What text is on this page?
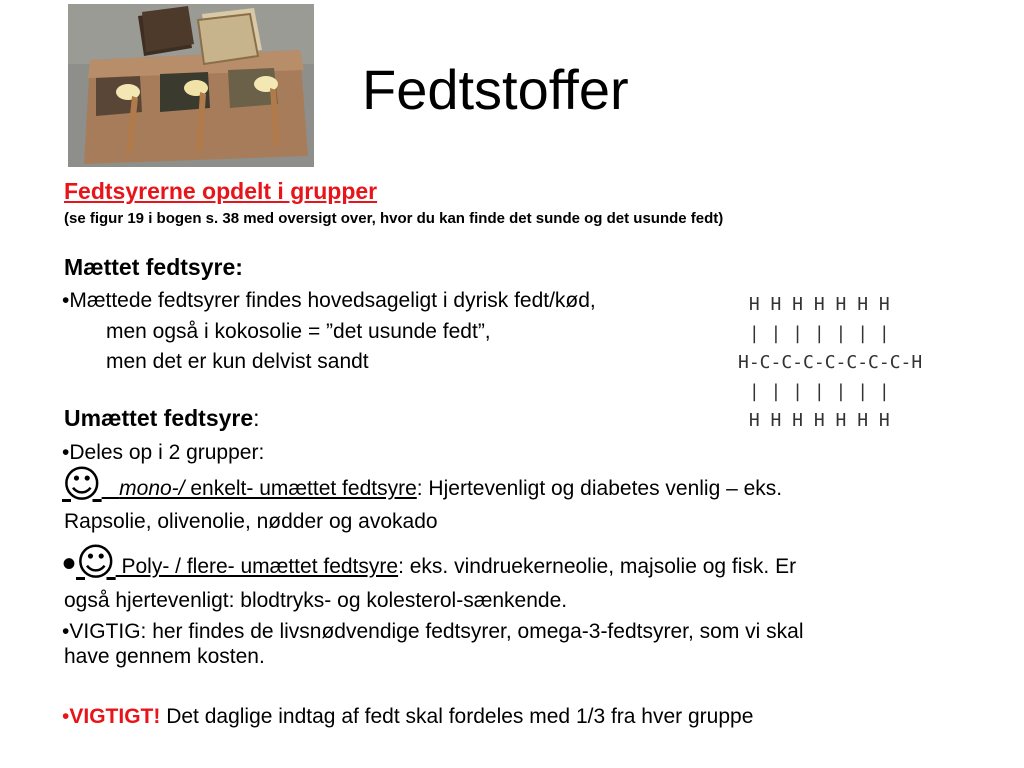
Fedtstoffer
Fedtsyrerne opdelt i grupper
(se figur 19 i bogen s. 38 med oversigt over, hvor du kan finde det sunde og det usunde fedt)
Mættet fedtsyre:
•Mættede fedtsyrer findes hovedsageligt i dyrisk fedt/kød,
men også i kokosolie = ”det usunde fedt”,
men det er kun delvist sandt
H H H H H H H
| | | | | | |
H-C-C-C-C-C-C-C-H
| | | | | | |
H H H H H H H
Umættet fedtsyre:
•Deles op i 2 grupper:
☺ mono-/ enkelt- umættet fedtsyre: Hjertevenligt og diabetes venlig – eks.
Rapsolie, olivenolie, nødder og avokado
•☺ Poly- / flere- umættet fedtsyre: eks. vindruekerneolie, majsolie og fisk. Er
også hjertevenligt: blodtryks- og kolesterol-sænkende.
•VIGTIG: her findes de livsnødvendige fedtsyrer, omega-3-fedtsyrer, som vi skal
have gennem kosten.
•VIGTIGT! Det daglige indtag af fedt skal fordeles med 1/3 fra hver gruppe
